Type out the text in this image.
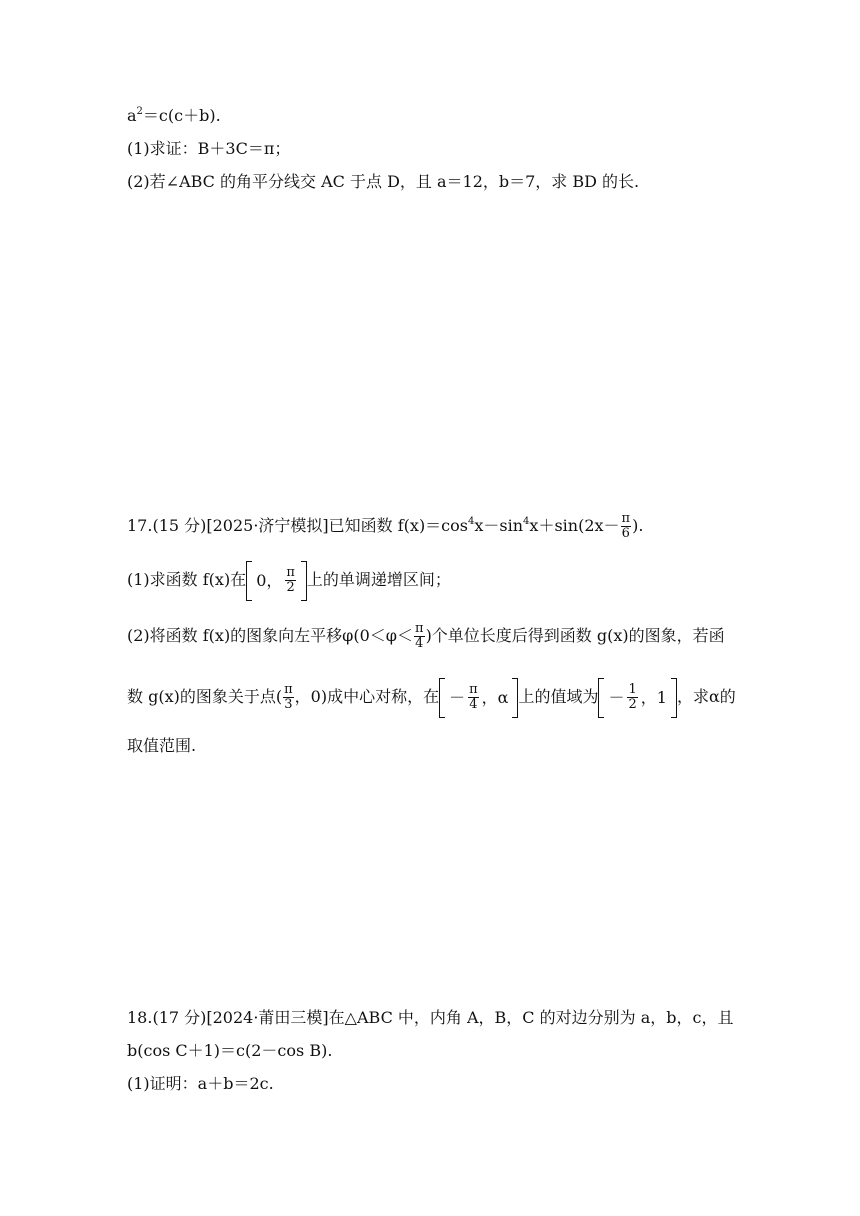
$a^2=c(c+b)$.
(1)求证：B＋3C＝π；
(2)若∠ABC 的角平分线交 AC 于点 D，且 a＝12，b＝7，求 BD 的长.
17.(15 分)[2025·济宁模拟]已知函数 $f(x)=\cos^4x-\sin^4x+\sin(2x- \frac{\pi}{6}$ ).
(1)求函数 f(x)在 0， $\frac{\pi}{2}$ 上的单调递增区间；
(2)将函数 f(x)的图象向左平移$\varphi(0<\varphi< \frac{\pi}{4}$ )个单位长度后得到函数 g(x)的图象，若函
数 g(x)的图象关于点( $\frac{\pi}{3}$ ，0)成中心对称，在 － $\frac{\pi}{4}$ ，α 上的值域为 － $\frac{1}{2}$ ，1 ，求α的
取值范围.
18.(17 分)[2024·莆田三模]在△ABC 中，内角 A，B，C 的对边分别为 a，b，c，且
b(cos C＋1)＝c(2－cos B).
(1)证明：a＋b＝2c.
